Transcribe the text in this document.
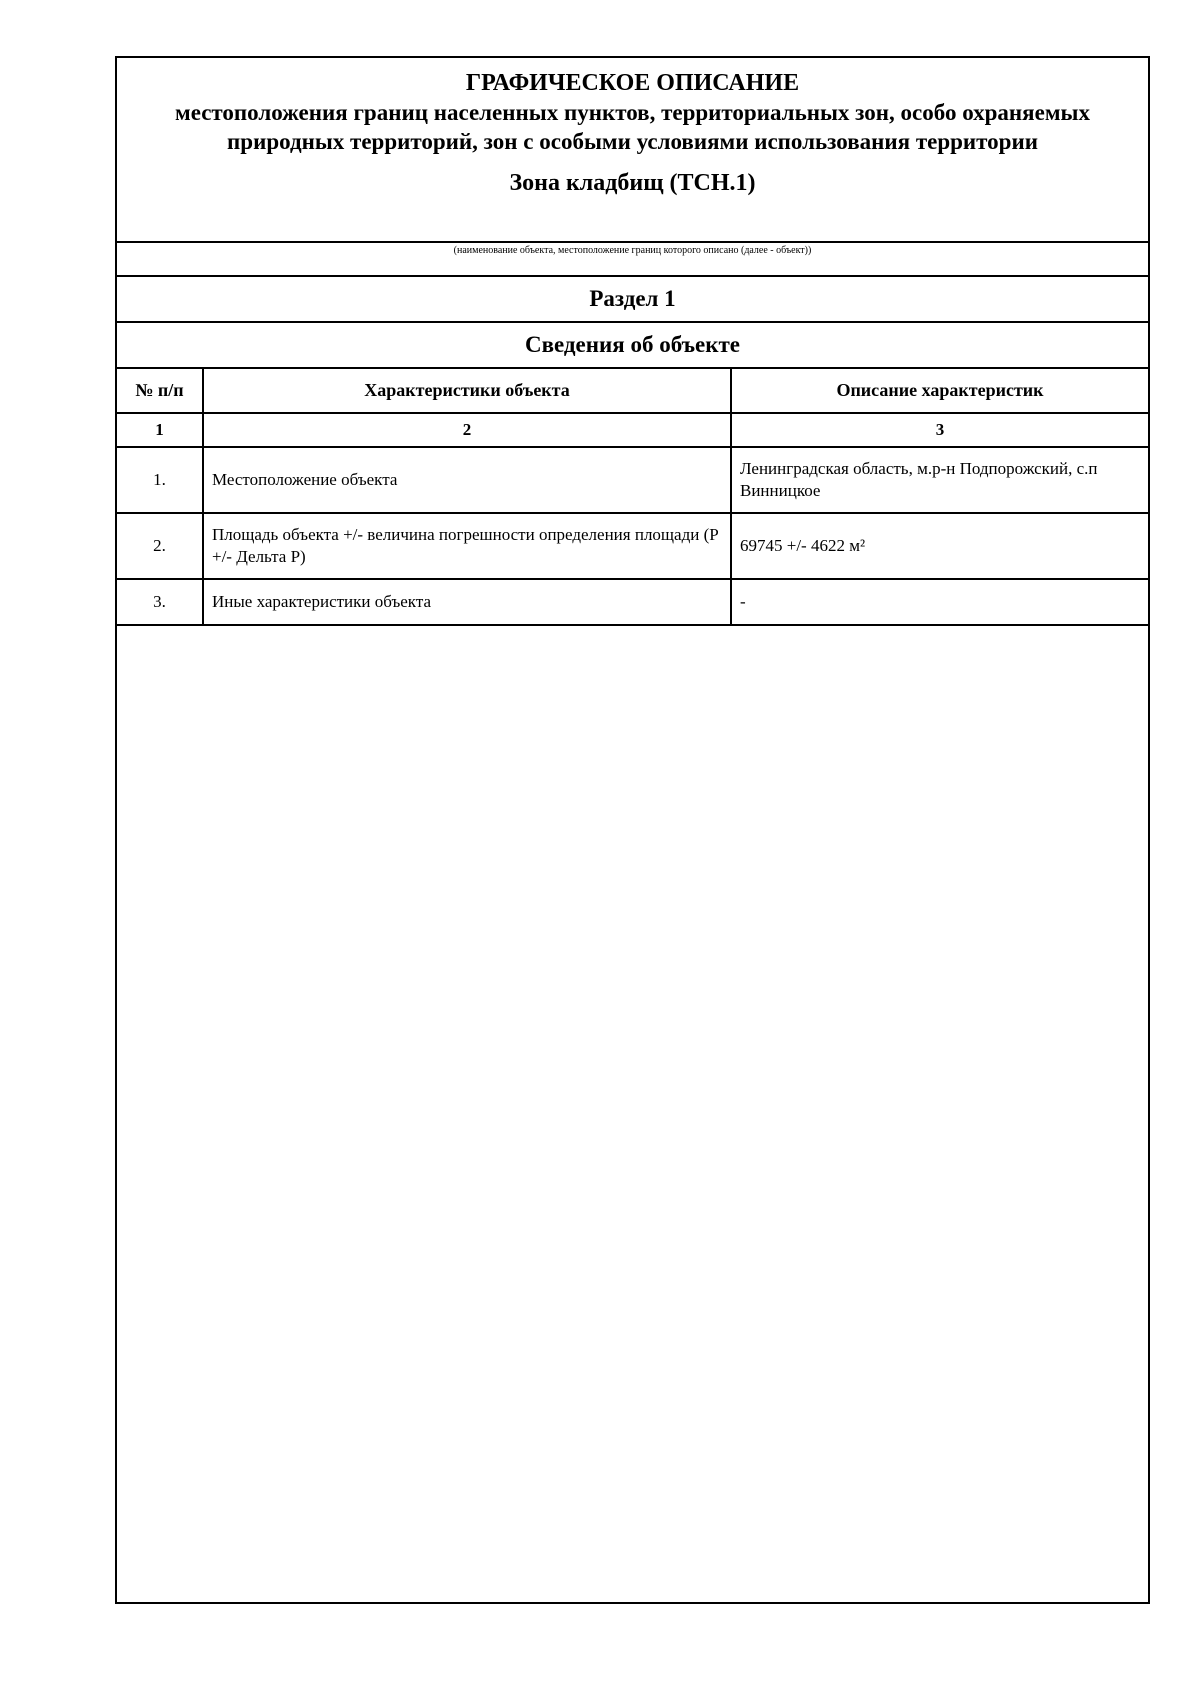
ГРАФИЧЕСКОЕ ОПИСАНИЕ
местоположения границ населенных пунктов, территориальных зон, особо охраняемых природных территорий, зон с особыми условиями использования территории
Зона кладбищ (ТСН.1)
(наименование объекта, местоположение границ которого описано (далее - объект))
Раздел 1
Сведения об объекте
№ п/п	Характеристики объекта	Описание характеристик
1	2	3
1.	Местоположение объекта	Ленинградская область, м.р-н Подпорожский, с.п Винницкое
2.	Площадь объекта +/- величина погрешности определения площади (Р +/- Дельта Р)	69745 +/- 4622 м²
3.	Иные характеристики объекта	-
